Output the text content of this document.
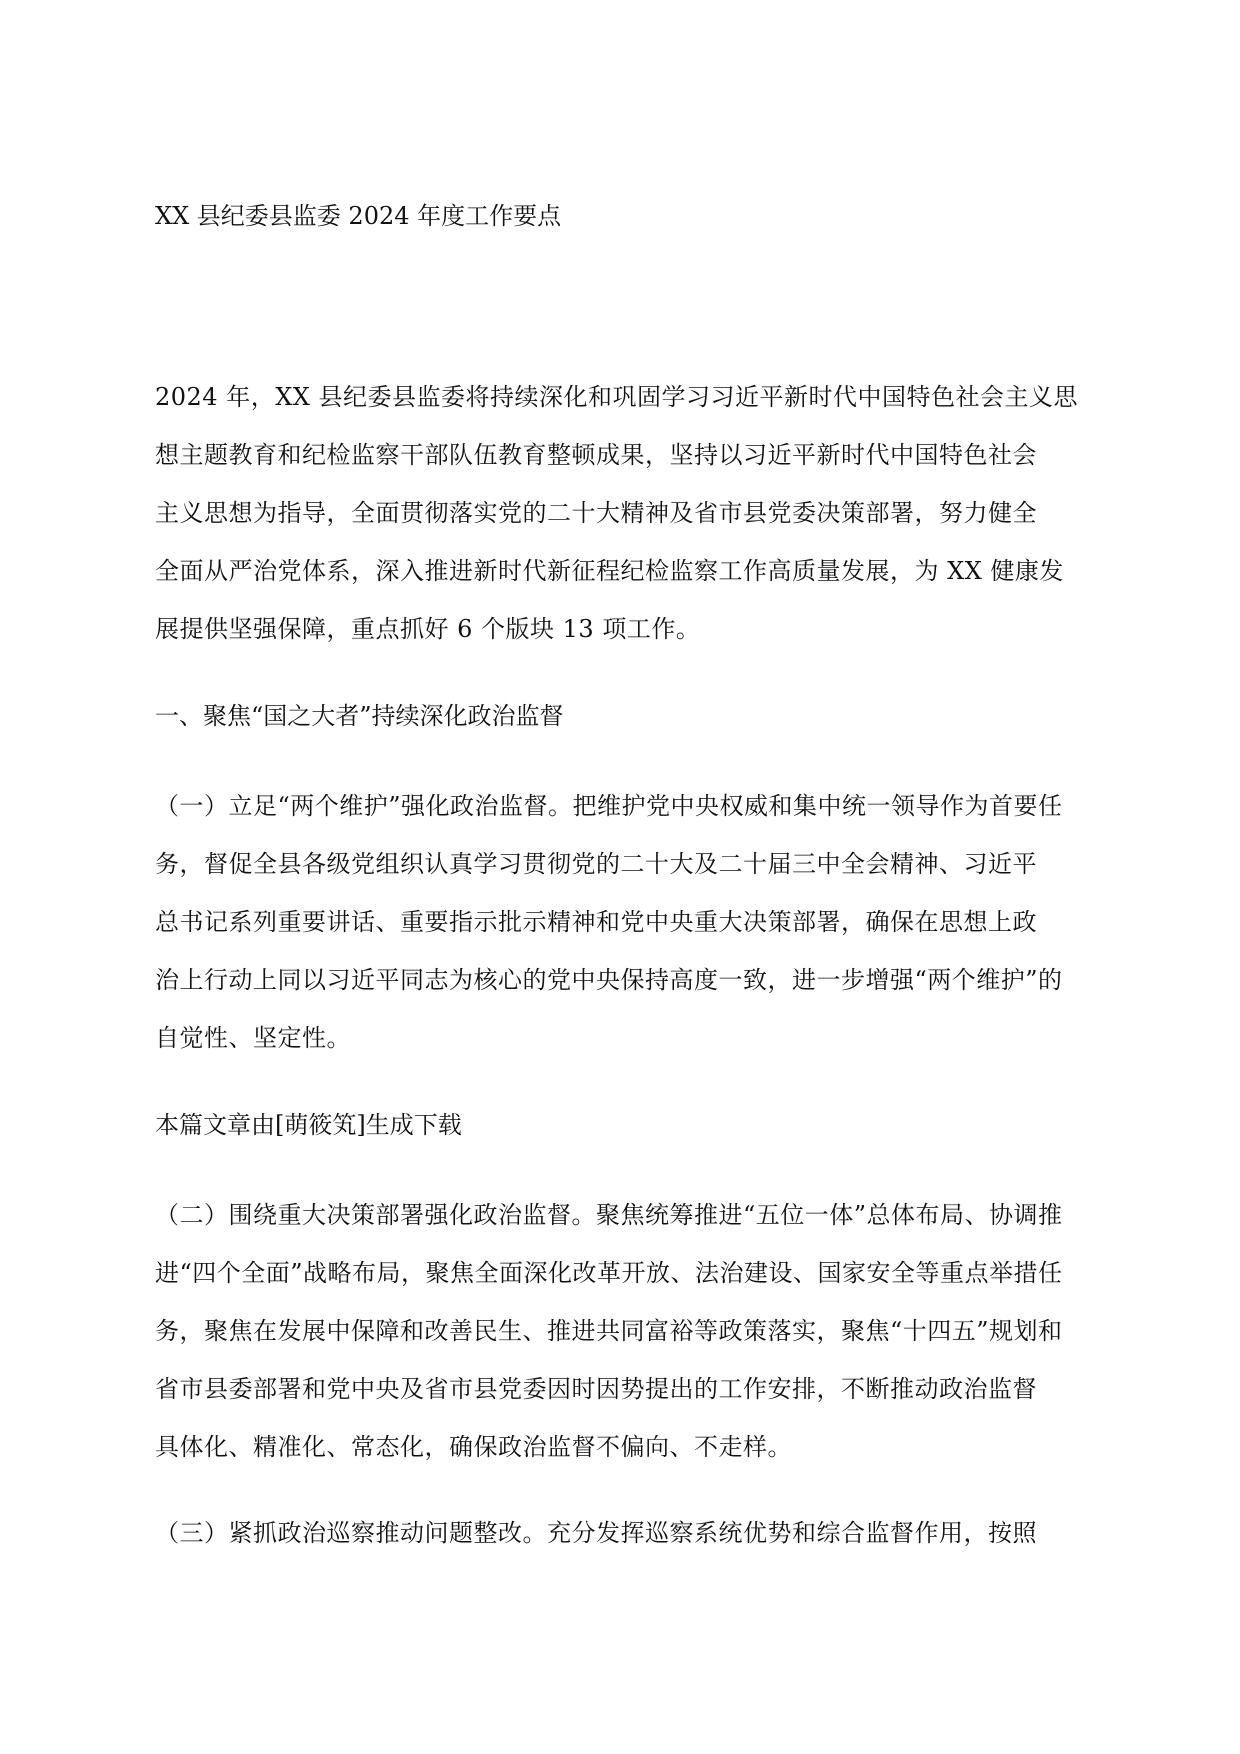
XX 县纪委县监委 2024 年度工作要点
2024 年，XX 县纪委县监委将持续深化和巩固学习习近平新时代中国特色社会主义思
想主题教育和纪检监察干部队伍教育整顿成果，坚持以习近平新时代中国特色社会
主义思想为指导，全面贯彻落实党的二十大精神及省市县党委决策部署，努力健全
全面从严治党体系，深入推进新时代新征程纪检监察工作高质量发展，为 XX 健康发
展提供坚强保障，重点抓好 6 个版块 13 项工作。
一、聚焦“国之大者”持续深化政治监督
（一）立足“两个维护”强化政治监督。把维护党中央权威和集中统一领导作为首要任
务，督促全县各级党组织认真学习贯彻党的二十大及二十届三中全会精神、习近平
总书记系列重要讲话、重要指示批示精神和党中央重大决策部署，确保在思想上政
治上行动上同以习近平同志为核心的党中央保持高度一致，进一步增强“两个维护”的
自觉性、坚定性。
本篇文章由[萌筱笂]生成下载
（二）围绕重大决策部署强化政治监督。聚焦统筹推进“五位一体”总体布局、协调推
进“四个全面”战略布局，聚焦全面深化改革开放、法治建设、国家安全等重点举措任
务，聚焦在发展中保障和改善民生、推进共同富裕等政策落实，聚焦“十四五”规划和
省市县委部署和党中央及省市县党委因时因势提出的工作安排，不断推动政治监督
具体化、精准化、常态化，确保政治监督不偏向、不走样。
（三）紧抓政治巡察推动问题整改。充分发挥巡察系统优势和综合监督作用，按照
